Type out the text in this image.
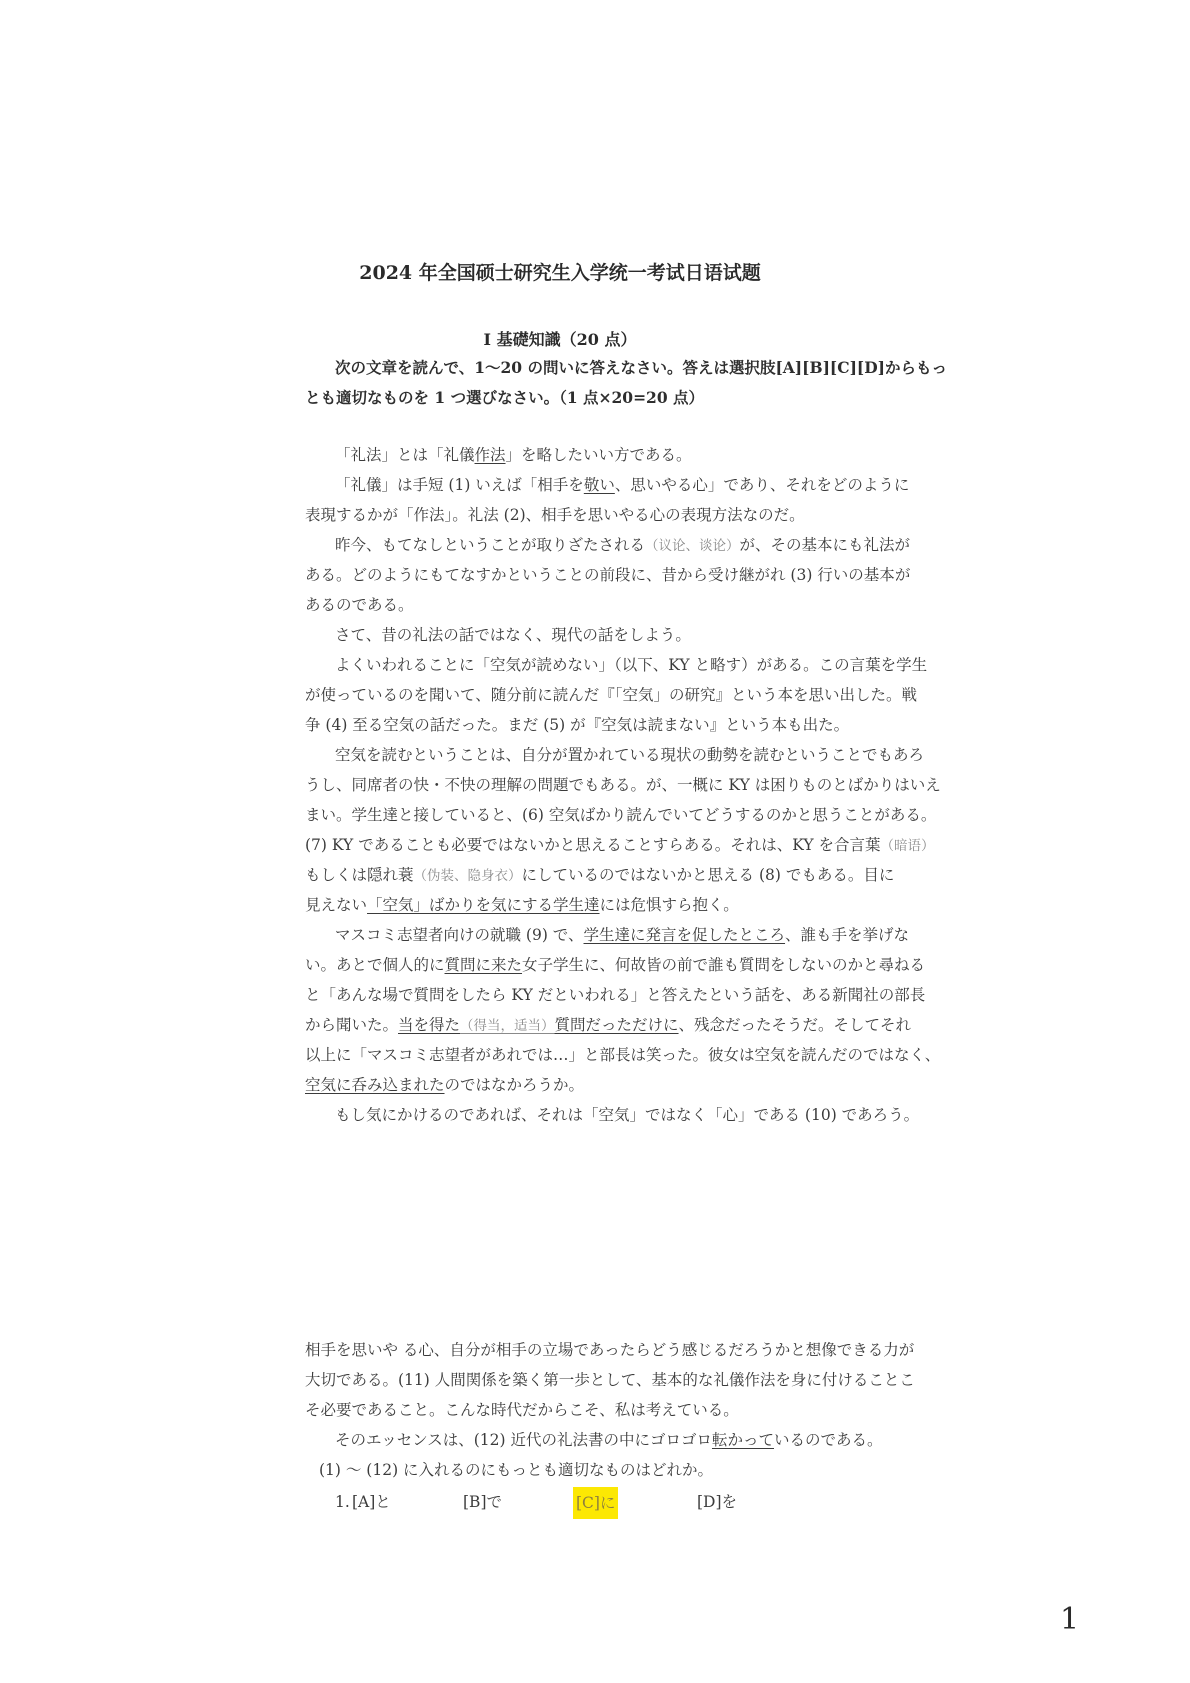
2024 年全国硕士研究生入学统一考试日语试题
Ⅰ 基礎知識（20 点）
次の文章を読んで、1～20 の問いに答えなさい。答えは選択肢[A][B][C][D]からもっ
とも適切なものを 1 つ選びなさい。（1 点×20=20 点）
「礼法」とは「礼儀作法」を略したいい方である。
「礼儀」は手短 (1) いえば「相手を敬い、思いやる心」であり、それをどのように
表現するかが「作法」。礼法 (2)、相手を思いやる心の表現方法なのだ。
昨今、もてなしということが取りざたされる（议论、谈论）が、その基本にも礼法が
ある。どのようにもてなすかということの前段に、昔から受け継がれ (3) 行いの基本が
あるのである。
さて、昔の礼法の話ではなく、現代の話をしよう。
よくいわれることに「空気が読めない」（以下、KY と略す）がある。この言葉を学生
が使っているのを聞いて、随分前に読んだ『「空気」の研究』という本を思い出した。戦
争 (4) 至る空気の話だった。まだ (5) が『空気は読まない』という本も出た。
空気を読むということは、自分が置かれている現状の動勢を読むということでもあろ
うし、同席者の快・不快の理解の問題でもある。が、一概に KY は困りものとばかりはいえ
まい。学生達と接していると、(6) 空気ばかり読んでいてどうするのかと思うことがある。
(7) KY であることも必要ではないかと思えることすらある。それは、KY を合言葉（暗语）
もしくは隠れ蓑（伪装、隐身衣）にしているのではないかと思える (8) でもある。目に
見えない「空気」ばかりを気にする学生達には危惧すら抱く。
マスコミ志望者向けの就職 (9) で、学生達に発言を促したところ、誰も手を挙げな
い。あとで個人的に質問に来た女子学生に、何故皆の前で誰も質問をしないのかと尋ねる
と「あんな場で質問をしたら KY だといわれる」と答えたという話を、ある新聞社の部長
から聞いた。当を得た（得当，适当）質問だっただけに、残念だったそうだ。そしてそれ
以上に「マスコミ志望者があれでは…」と部長は笑った。彼女は空気を読んだのではなく、
空気に呑み込まれたのではなかろうか。
もし気にかけるのであれば、それは「空気」ではなく「心」である (10) であろう。
相手を思いや る心、自分が相手の立場であったらどう感じるだろうかと想像できる力が
大切である。(11) 人間関係を築く第一歩として、基本的な礼儀作法を身に付けることこ
そ必要であること。こんな時代だからこそ、私は考えている。
そのエッセンスは、(12) 近代の礼法書の中にゴロゴロ転かっているのである。
(1) ～ (12) に入れるのにもっとも適切なものはどれか。
1. [A]と	[B]で	[C]に	[D]を
1
